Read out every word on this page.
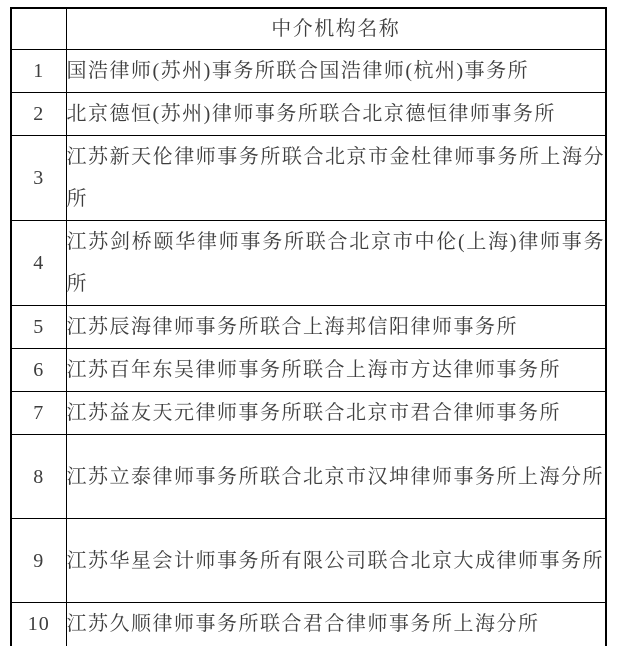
	中介机构名称
1	国浩律师(苏州)事务所联合国浩律师(杭州)事务所
2	北京德恒(苏州)律师事务所联合北京德恒律师事务所
3	江苏新天伦律师事务所联合北京市金杜律师事务所上海分所
4	江苏剑桥颐华律师事务所联合北京市中伦(上海)律师事务所
5	江苏辰海律师事务所联合上海邦信阳律师事务所
6	江苏百年东吴律师事务所联合上海市方达律师事务所
7	江苏益友天元律师事务所联合北京市君合律师事务所
8	江苏立泰律师事务所联合北京市汉坤律师事务所上海分所
9	江苏华星会计师事务所有限公司联合北京大成律师事务所
10	江苏久顺律师事务所联合君合律师事务所上海分所
